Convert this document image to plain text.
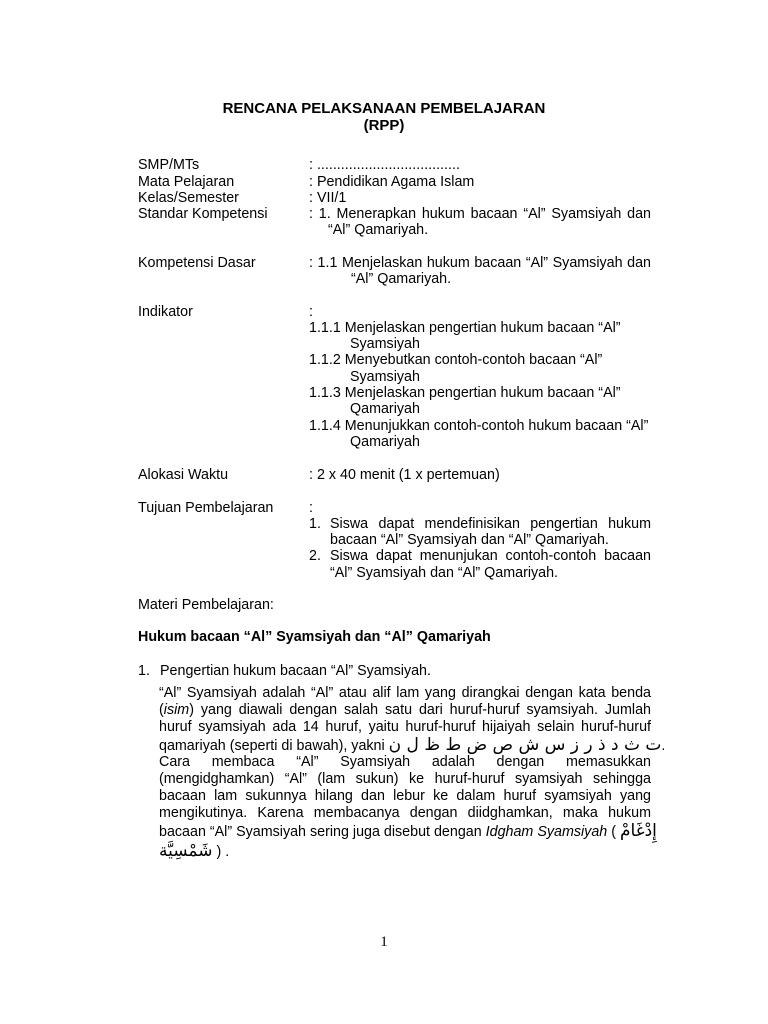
RENCANA PELAKSANAAN PEMBELAJARAN
(RPP)
SMP/MTs	: ....................................
Mata Pelajaran	: Pendidikan Agama Islam
Kelas/Semester	: VII/1
Standar Kompetensi	: 1. Menerapkan hukum bacaan “Al” Syamsiyah dan
“Al” Qamariyah.
Kompetensi Dasar	: 1.1 Menjelaskan hukum bacaan “Al” Syamsiyah dan
“Al” Qamariyah.
Indikator	:
1.1.1 Menjelaskan pengertian hukum bacaan “Al”
Syamsiyah
1.1.2 Menyebutkan contoh-contoh bacaan “Al”
Syamsiyah
1.1.3 Menjelaskan pengertian hukum bacaan “Al”
Qamariyah
1.1.4 Menunjukkan contoh-contoh hukum bacaan “Al”
Qamariyah
Alokasi Waktu	: 2 x 40 menit (1 x pertemuan)
Tujuan Pembelajaran :
1. Siswa dapat mendefinisikan pengertian hukum
bacaan “Al” Syamsiyah dan “Al” Qamariyah.
2. Siswa dapat menunjukan contoh-contoh bacaan
“Al” Syamsiyah dan “Al” Qamariyah.
Materi Pembelajaran:
Hukum bacaan “Al” Syamsiyah dan “Al” Qamariyah
1. Pengertian hukum bacaan “Al” Syamsiyah.
“Al” Syamsiyah adalah “Al” atau alif lam yang dirangkai dengan kata benda
(isim) yang diawali dengan salah satu dari huruf-huruf syamsiyah. Jumlah
huruf syamsiyah ada 14 huruf, yaitu huruf-huruf hijaiyah selain huruf-huruf
qamariyah (seperti di bawah), yakni ت ث د ذ ر ز س ش ص ض ط ظ ل ن.
Cara membaca “Al” Syamsiyah adalah dengan memasukkan
(mengidghamkan) “Al” (lam sukun) ke huruf-huruf syamsiyah sehingga
bacaan lam sukunnya hilang dan lebur ke dalam huruf syamsiyah yang
mengikutinya. Karena membacanya dengan diidghamkan, maka hukum
bacaan “Al” Syamsiyah sering juga disebut dengan Idgham Syamsiyah ( إِدْغَامْ
شَمْسِيَّة ) .
1
